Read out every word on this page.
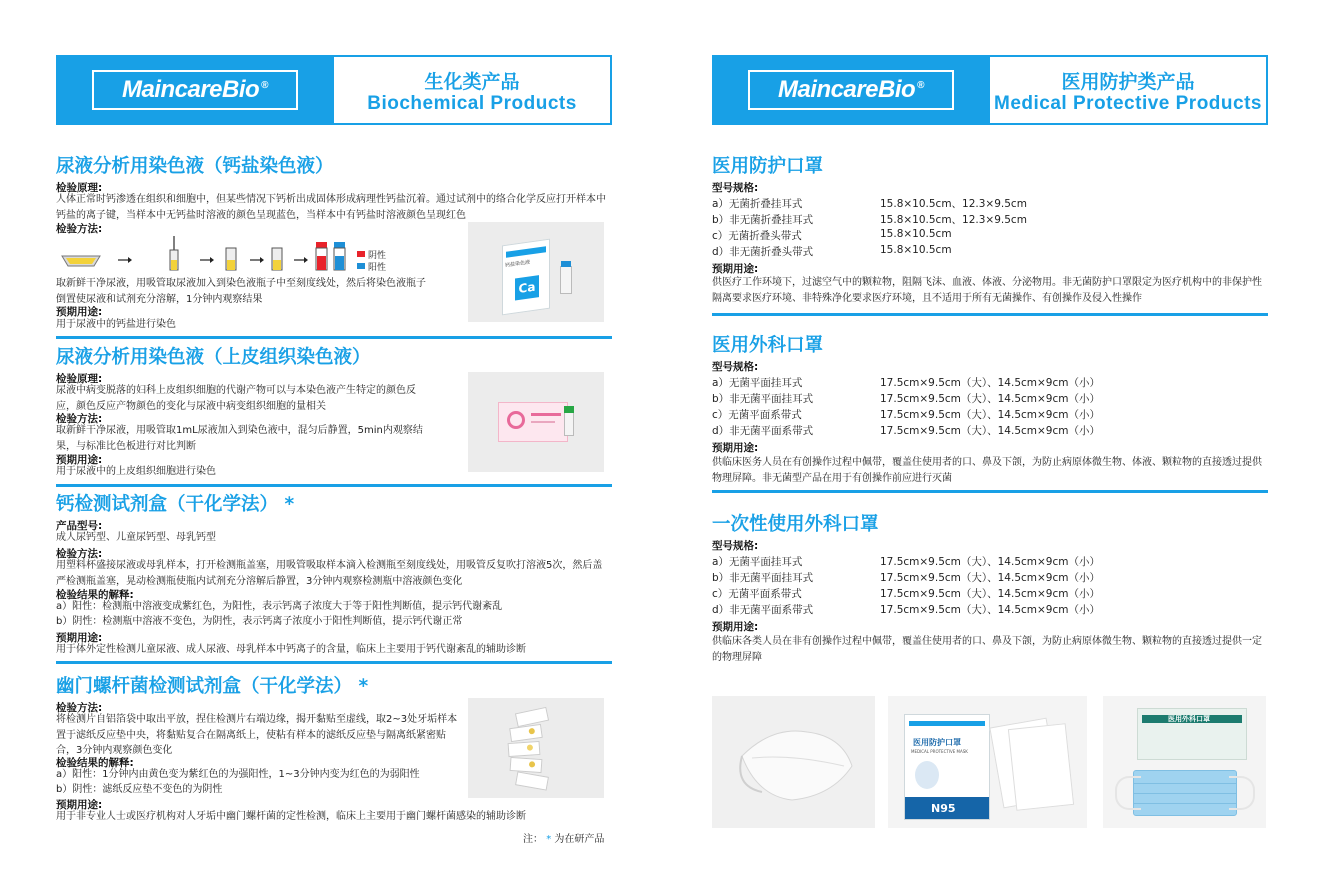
MaincareBio ®	生化类产品
Biochemical Products
尿液分析用染色液（钙盐染色液）
检验原理:
人体正常时钙渗透在组织和细胞中，但某些情况下钙析出成固体形成病理性钙盐沉着。通过试剂中的络合化学反应打开样本中钙盐的离子键，当样本中无钙盐时溶液的颜色呈现蓝色，当样本中有钙盐时溶液颜色呈现红色
检验方法:
阴性
阳性
取新鲜干净尿液，用吸管取尿液加入到染色液瓶子中至刻度线处，然后将染色液瓶子倒置使尿液和试剂充分溶解，1分钟内观察结果
预期用途:
用于尿液中的钙盐进行染色
钙盐染色液
Ca
尿液分析用染色液（上皮组织染色液）
检验原理:
尿液中病变脱落的妇科上皮组织细胞的代谢产物可以与本染色液产生特定的颜色反应，颜色反应产物颜色的变化与尿液中病变组织细胞的量相关
检验方法:
取新鲜干净尿液，用吸管取1mL尿液加入到染色液中，混匀后静置，5min内观察结果，与标准比色板进行对比判断
预期用途:
用于尿液中的上皮组织细胞进行染色
钙检测试剂盒（干化学法） *
产品型号:
成人尿钙型、儿童尿钙型、母乳钙型
检验方法:
用塑料杯盛接尿液或母乳样本，打开检测瓶盖塞，用吸管吸取样本滴入检测瓶至刻度线处，用吸管反复吹打溶液5次，然后盖严检测瓶盖塞，晃动检测瓶使瓶内试剂充分溶解后静置，3分钟内观察检测瓶中溶液颜色变化
检验结果的解释:
a）阳性：检测瓶中溶液变成紫红色，为阳性，表示钙离子浓度大于等于阳性判断值，提示钙代谢紊乱
b）阴性：检测瓶中溶液不变色，为阴性，表示钙离子浓度小于阳性判断值，提示钙代谢正常
预期用途:
用于体外定性检测儿童尿液、成人尿液、母乳样本中钙离子的含量，临床上主要用于钙代谢紊乱的辅助诊断
幽门螺杆菌检测试剂盒（干化学法） *
检验方法:
将检测片自铝箔袋中取出平放，捏住检测片右端边缘，揭开黏贴至虚线，取2~3处牙垢样本置于滤纸反应垫中央，将黏贴复合在隔离纸上，使粘有样本的滤纸反应垫与隔离纸紧密贴合，3分钟内观察颜色变化
检验结果的解释:
a）阳性：1分钟内由黄色变为紫红色的为强阳性，1~3分钟内变为红色的为弱阳性
b）阴性：滤纸反应垫不变色的为阴性
预期用途:
用于非专业人士或医疗机构对人牙垢中幽门螺杆菌的定性检测，临床上主要用于幽门螺杆菌感染的辅助诊断
注： * 为在研产品
MaincareBio ®	医用防护类产品
Medical Protective Products
医用防护口罩
型号规格:
a）无菌折叠挂耳式	15.8×10.5cm、12.3×9.5cm
b）非无菌折叠挂耳式	15.8×10.5cm、12.3×9.5cm
c）无菌折叠头带式	15.8×10.5cm
d）非无菌折叠头带式	15.8×10.5cm
预期用途:
供医疗工作环境下，过滤空气中的颗粒物，阻隔飞沫、血液、体液、分泌物用。非无菌防护口罩限定为医疗机构中的非保护性隔离要求医疗环境、非特殊净化要求医疗环境，且不适用于所有无菌操作、有创操作及侵入性操作
医用外科口罩
型号规格:
a）无菌平面挂耳式	17.5cm×9.5cm（大）、14.5cm×9cm（小）
b）非无菌平面挂耳式	17.5cm×9.5cm（大）、14.5cm×9cm（小）
c）无菌平面系带式	17.5cm×9.5cm（大）、14.5cm×9cm（小）
d）非无菌平面系带式	17.5cm×9.5cm（大）、14.5cm×9cm（小）
预期用途:
供临床医务人员在有创操作过程中佩带，覆盖住使用者的口、鼻及下颌，为防止病原体微生物、体液、颗粒物的直接透过提供物理屏障。非无菌型产品在用于有创操作前应进行灭菌
一次性使用外科口罩
型号规格:
a）无菌平面挂耳式	17.5cm×9.5cm（大）、14.5cm×9cm（小）
b）非无菌平面挂耳式	17.5cm×9.5cm（大）、14.5cm×9cm（小）
c）无菌平面系带式	17.5cm×9.5cm（大）、14.5cm×9cm（小）
d）非无菌平面系带式	17.5cm×9.5cm（大）、14.5cm×9cm（小）
预期用途:
供临床各类人员在非有创操作过程中佩带，覆盖住使用者的口、鼻及下颌，为防止病原体微生物、颗粒物的直接透过提供一定的物理屏障
医用防护口罩
MEDICAL PROTECTIVE MASK
N95
医用外科口罩
